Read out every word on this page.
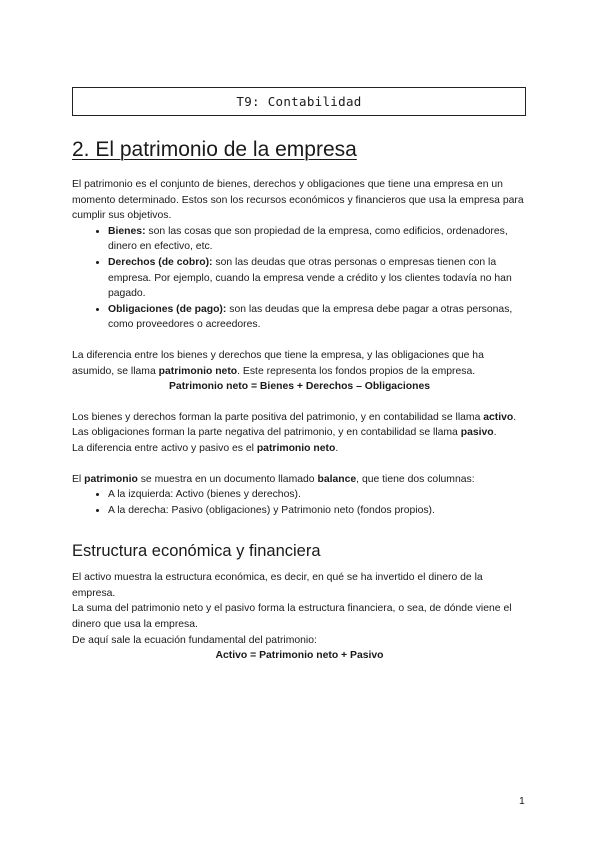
T9: Contabilidad
2. El patrimonio de la empresa

El patrimonio es el conjunto de bienes, derechos y obligaciones que tiene una empresa en un momento determinado. Estos son los recursos económicos y financieros que usa la empresa para cumplir sus objetivos.

• Bienes: son las cosas que son propiedad de la empresa, como edificios, ordenadores, dinero en efectivo, etc.
• Derechos (de cobro): son las deudas que otras personas o empresas tienen con la empresa. Por ejemplo, cuando la empresa vende a crédito y los clientes todavía no han pagado.
• Obligaciones (de pago): son las deudas que la empresa debe pagar a otras personas, como proveedores o acreedores.

La diferencia entre los bienes y derechos que tiene la empresa, y las obligaciones que ha asumido, se llama patrimonio neto. Este representa los fondos propios de la empresa.

Patrimonio neto = Bienes + Derechos – Obligaciones

Los bienes y derechos forman la parte positiva del patrimonio, y en contabilidad se llama activo.

Las obligaciones forman la parte negativa del patrimonio, y en contabilidad se llama pasivo.

La diferencia entre activo y pasivo es el patrimonio neto.

El patrimonio se muestra en un documento llamado balance, que tiene dos columnas:

• A la izquierda: Activo (bienes y derechos).
• A la derecha: Pasivo (obligaciones) y Patrimonio neto (fondos propios).
Estructura económica y financiera

El activo muestra la estructura económica, es decir, en qué se ha invertido el dinero de la empresa.

La suma del patrimonio neto y el pasivo forma la estructura financiera, o sea, de dónde viene el dinero que usa la empresa.

De aquí sale la ecuación fundamental del patrimonio:

Activo = Patrimonio neto + Pasivo

1
